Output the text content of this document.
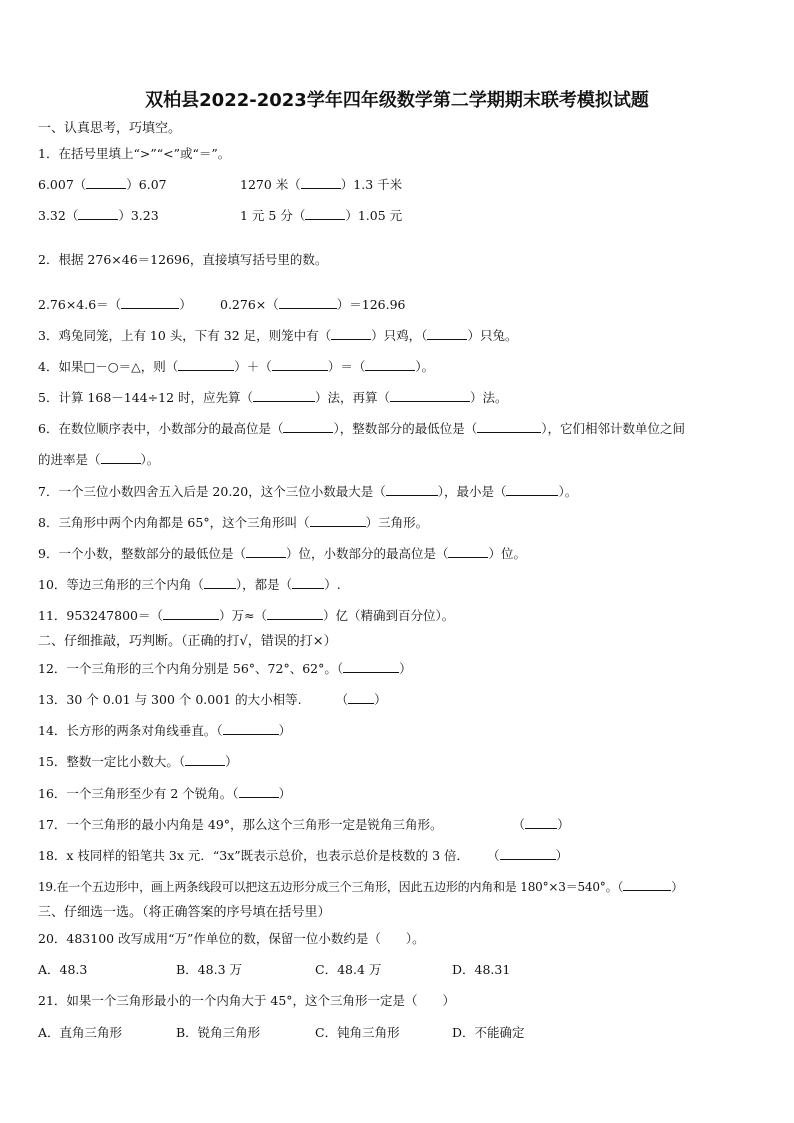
双柏县2022-2023学年四年级数学第二学期期末联考模拟试题
一、认真思考，巧填空。
1．在括号里填上“>”“<”或“＝”。
6.007（	）6.07	1270 米（	）1.3 千米
3.32（	）3.23	1 元 5 分（	）1.05 元
2．根据 276×46＝12696，直接填写括号里的数。
2.76×4.6＝（	） 0.276×（	）＝126.96
3．鸡兔同笼，上有 10 头，下有 32 足，则笼中有（	）只鸡，（	）只兔。
4．如果□－○＝△，则（	）＋（	）＝（	）。
5．计算 168－144÷12 时，应先算（	）法，再算（	）法。
6．在数位顺序表中，小数部分的最高位是（	），整数部分的最低位是（	），它们相邻计数单位之间
的进率是（	）。
7．一个三位小数四舍五入后是 20.20，这个三位小数最大是（	），最小是（	）。
8．三角形中两个内角都是 65°，这个三角形叫（	）三角形。
9．一个小数，整数部分的最低位是（	）位，小数部分的最高位是（	）位。
10．等边三角形的三个内角（	），都是（	）.
11．953247800＝（	）万≈（	）亿（精确到百分位）。
二、仔细推敲，巧判断。（正确的打√，错误的打×）
12．一个三角形的三个内角分别是 56°、72°、62°。（	）
13．30 个 0.01 与 300 个 0.001 的大小相等.	（ ）
14．长方形的两条对角线垂直。（	）
15．整数一定比小数大。（	）
16．一个三角形至少有 2 个锐角。（	）
17．一个三角形的最小内角是 49°，那么这个三角形一定是锐角三角形。	（	）
18．x 枝同样的铅笔共 3x 元．“3x”既表示总价，也表示总价是枝数的 3 倍． （	）
19.在一个五边形中，画上两条线段可以把这五边形分成三个三角形，因此五边形的内角和是 180°×3＝540°。（	）
三、仔细选一选。（将正确答案的序号填在括号里）
20．483100 改写成用“万”作单位的数，保留一位小数约是（　　）。
A．48.3	B．48.3 万	C．48.4 万	D．48.31
21．如果一个三角形最小的一个内角大于 45°，这个三角形一定是（　　）
A．直角三角形	B．锐角三角形	C．钝角三角形	D．不能确定
